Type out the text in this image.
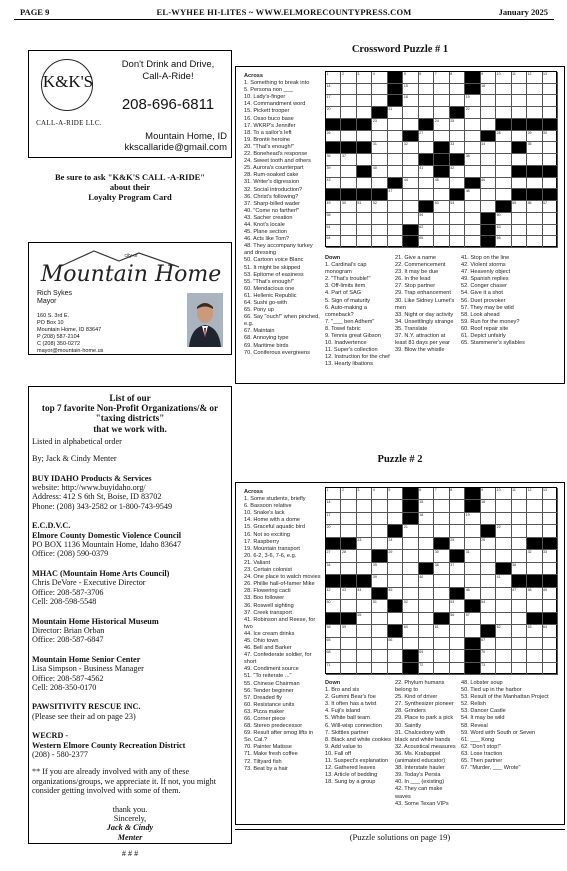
PAGE 9	EL-WYHEE HI-LITES ~ WWW.ELMORECOUNTYPRESS.COM	January 2025
K&K'S
CALL-A-RIDE LLC.
Don't Drink and Drive,
Call-A-Ride!
208-696-6811
Mountain Home, ID
kkscallaride@gmail.com
Be sure to ask "K&K'S CALL -A-RIDE"
about their
Loyalty Program Card
city of
Mountain Home
Rich Sykes
Mayor
160 S. 3rd E.
PO Box 10
Mountain Home, ID 83647
P (208) 587-2104
C (208) 350-0272
mayor@mountain-home.us
List of our
top 7 favorite Non-Profit Organizations/& or
"taxing districts"
that we work with.
Listed in alphabetical order

By; Jack & Cindy Menter

BUY IDAHO Products & Services
website: http://www.buyidaho.org/
Address: 412 S 6th St, Boise, ID 83702
Phone: (208) 343-2582 or 1-800-743-9549
E.C.D.V.C.
Elmore County Domestic Violence Council
PO BOX 1136 Mountain Home, Idaho 83647
Office: (208) 590-0379
MHAC (Mountain Home Arts Council)
Chris DeVore - Executive Director
Office: 208-587-3706
Cell: 208-598-5548
Mountain Home Historical Museum
Director: Brian Orban
Office: 208-587-6847
Mountain Home Senior Center
Lisa Simpson - Business Manager
Office: 208-587-4562
Cell: 208-350-0170
PAWSITIVITY RESCUE INC.
(Please see their ad on page 23)
WECRD -
Western Elmore County Recreation District
(208) - 580-2377

** If you are already involved with any of these organizations/groups, we appreciate it. If not, you might consider getting involved with some of them.

thank you.
Sincerely,
Jack & Cindy
Menter
# # #
Crossword Puzzle # 1
Across
1. Something to break into
5. Persona non ___
10. Lady's-finger
14. Commandment word
15. Pickett trooper
16. Osso buco base
17. WKRP's Jennifer
18. To a sailor's left
19. Brontë heroine
20. "That's enough!"
22. Bonehead's response
24. Sweet tooth and others
25. Aurora's counterpart
28. Rum-soaked cake
31. Writer's digression
32. Social introduction?
36. Christ's following?
37. Sharp-billed wader
40. "Come no farther!"
43. Sacher creation
44. Knot's locale
45. Plane section
46. Acts like Tom?
48. They accompany turkey and dressing
50. Cartoon voice Blanc
51. It might be skipped
53. Epitome of easiness
55. "That's enough!"
60. Mendacious one
61. Hellenic Republic
64. Sushi go-with
65. Pony up
66. Say "ouch!" when pinched, e.g.
67. Maintain
68. Annoying type
69. Maritime birds
70. Coniferous evergreens
1	2	3	4	5	6	7	8	9	10	11	12	13
14	15	16
17	18	19
20	21	22
23	24	25
26	27	28	29	30
31	32	33	34	35
36	37	38
39	40	41	42
43	44	45	46
47	48
49	50	51	52	53	54	55	56	57
58	59	60
61	62	63
64	65	66
Down
1. Cardinal's cap monogram
2. "That's trouble!"
3. Off-limits item
4. Part of SAG
5. Sign of maturity
6. Auto-making a comeback?
7. "___ ben Adhem"
8. Towel fabric
9. Tennis great Gibson
10. Inadvertence
11. Super's collection
12. Instruction for the chef
13. Hearty libations
21. Give a name
22. Commencement
23. It may be due
26. In the lead
27. Stop partner
29. Trap enhancement
30. Like Sidney Lumet's men
33. Night or day activity
34. Unsettlingly strange
35. Translate
37. N.Y. attraction at least 81 days per year
39. Blow the whistle
41. Stop on the line
42. Violent storms
47. Heavenly object
49. Spanish replies
52. Conger chaser
54. Give it a shot
56. Duet provoker
57. They may be wild
58. Look ahead
59. Run for the money?
60. Roof repair site
61. Depict unfairly
65. Stammerer's syllables
Puzzle # 2
Across
1. Some students, briefly
6. Bassoon relative
10. Snake's lack
14. Home with a dome
15. Graceful aquatic bird
16. Not so exciting
17. Raspberry
19. Mountain transport
20. 6-2, 3-6, 7-6, e.g.
21. Valiant
23. Certain colonist
24. One place to watch movies
26. Phillie hall-of-famer Mike
28. Flowering cacti
33. Boo follower
36. Roswell sighting
37. Creek transport
41. Robinson and Reese, for two
44. Ice cream drinks
45. Ohio town
46. Bell and Barker
47. Confederate soldier, for short
49. Condiment source
51. "To reiterate ..."
55. Chinese Chairman
56. Tender beginner
57. Dreaded fly
60. Resistance units
63. Pizza maker
66. Corner piece
68. Stereo predecessor
69. Result after smog lifts in So. Cal.?
70. Painter Matisse
71. Make fresh coffee
72. Tiltyard fish
73. Beat by a hair
1	2	3	4	5	6	7	8	9	10	11	12	13
14	15	16
17	18	19
20	21	22
23	24	25	26
27	28	29	30	31	32	33
34	35	36	37	38
39	40	41
42	43	44	45	46	47	48	49
50	51	52	53	54
55	56	57
58	59	60	61	62	63	64
65	66	67
68	69	70
71	72	73
Down
1. Bro and sis
2. Gummi Bear's foe
3. It often has a twist
4. Fuji's island
5. White ball team
6. Will-wisp connection
7. Skittles partner
8. Black and white cookies
9. Add value to
10. Fall off
11. Suspect's explanation
12. Gathered leaves
13. Article of bedding
18. Sung by a group
22. Phylum humans belong to
25. Kind of driver
27. Synthesizer pioneer
28. Grinders
29. Place to park a pick
30. Saintly
31. Chalcedony with black and white bands
32. Acoustical measures
36. Ms. Krabappel (animated educator)
38. Interstate hauler
39. Today's Persia
40. In ___ (existing)
42. They can make waves
43. Some Texan VIPs
48. Lobster soup
50. Tied up in the harbor
53. Result of the Manhattan Project
52. Relish
53. Dancer Castle
54. It may be wild
58. Reveal
59. Word with South or Seven
61. ___ Kong
62. "Don't stop!"
63. Lose traction
65. Then partner
67. "Murder, ___ Wrote"
(Puzzle solutions on page 19)
